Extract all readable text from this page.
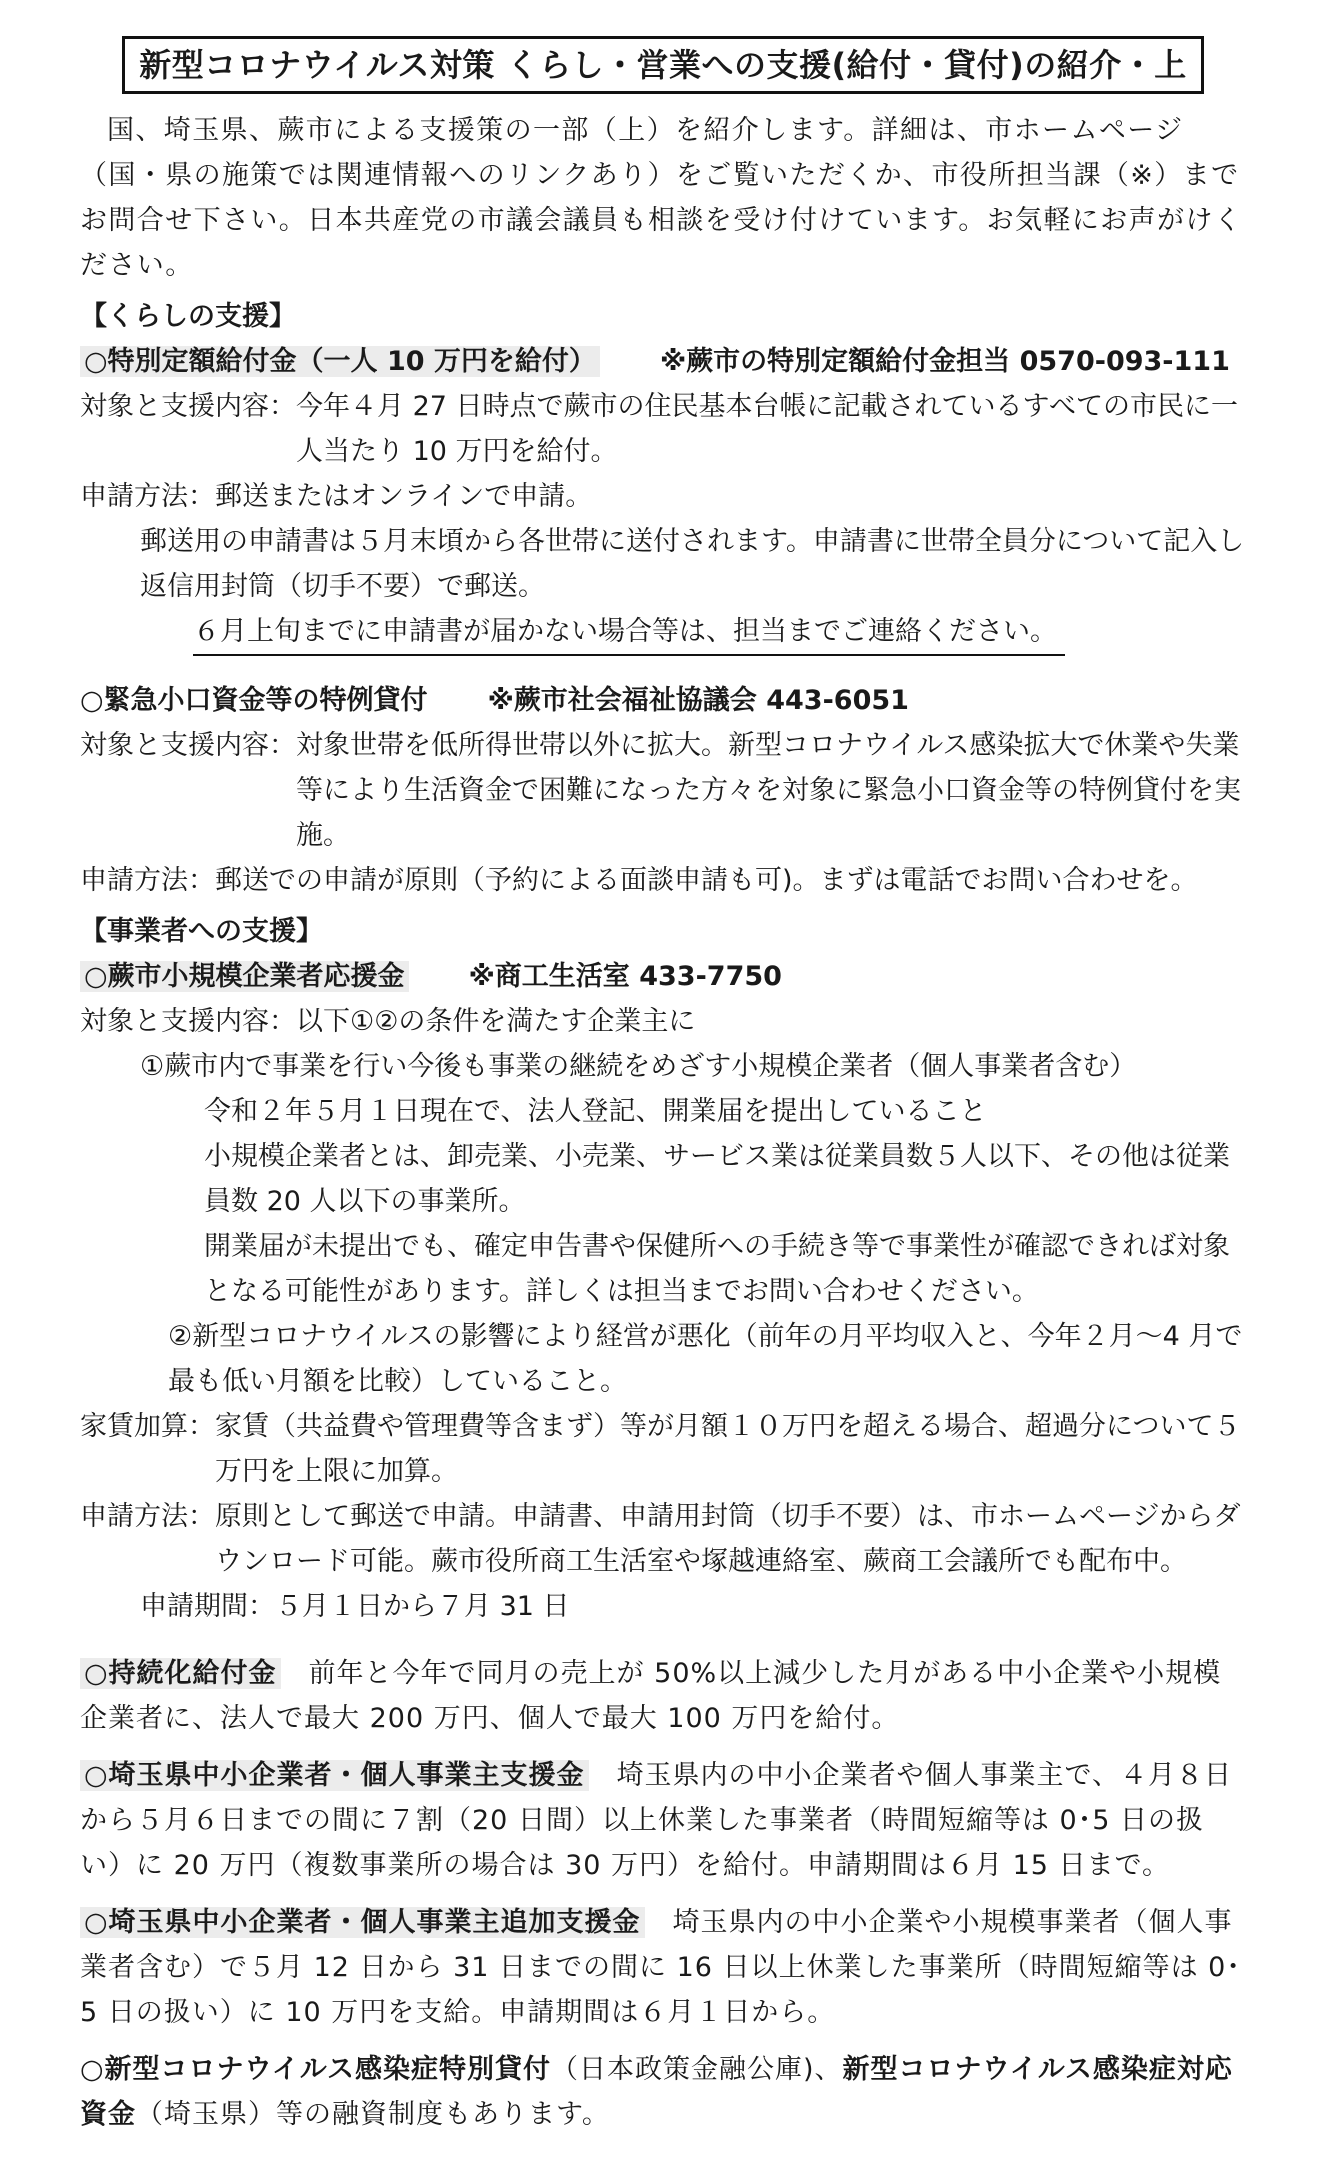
新型コロナウイルス対策 くらし・営業への支援(給付・貸付)の紹介・上

国、埼玉県、蕨市による支援策の一部（上）を紹介します。詳細は、市ホームページ（国・県の施策では関連情報へのリンクあり）をご覧いただくか、市役所担当課（※）までお問合せ下さい。日本共産党の市議会議員も相談を受け付けています。お気軽にお声がけください。

【くらしの支援】

○特別定額給付金（一人 10 万円を給付） ※蕨市の特別定額給付金担当 0570-093-111

対象と支援内容： 今年４月 27 日時点で蕨市の住民基本台帳に記載されているすべての市民に一人当たり 10 万円を給付。
申請方法： 郵送またはオンラインで申請。

郵送用の申請書は５月末頃から各世帯に送付されます。申請書に世帯全員分について記入し返信用封筒（切手不要）で郵送。

６月上旬までに申請書が届かない場合等は、担当までご連絡ください。

○緊急小口資金等の特例貸付 ※蕨市社会福祉協議会 443-6051

対象と支援内容： 対象世帯を低所得世帯以外に拡大。新型コロナウイルス感染拡大で休業や失業等により生活資金で困難になった方々を対象に緊急小口資金等の特例貸付を実施。
申請方法： 郵送での申請が原則（予約による面談申請も可)。まずは電話でお問い合わせを。

【事業者への支援】

○蕨市小規模企業者応援金 ※商工生活室 433-7750

対象と支援内容： 以下①②の条件を満たす企業主に

①蕨市内で事業を行い今後も事業の継続をめざす小規模企業者（個人事業者含む）

令和２年５月１日現在で、法人登記、開業届を提出していること

小規模企業者とは、卸売業、小売業、サービス業は従業員数５人以下、その他は従業員数 20 人以下の事業所。

開業届が未提出でも、確定申告書や保健所への手続き等で事業性が確認できれば対象となる可能性があります。詳しくは担当までお問い合わせください。

②新型コロナウイルスの影響により経営が悪化（前年の月平均収入と、今年２月～4 月で最も低い月額を比較）していること。

家賃加算： 家賃（共益費や管理費等含まず）等が月額１０万円を超える場合、超過分について５万円を上限に加算。
申請方法： 原則として郵送で申請。申請書、申請用封筒（切手不要）は、市ホームページからダウンロード可能。蕨市役所商工生活室や塚越連絡室、蕨商工会議所でも配布中。

申請期間：５月１日から７月 31 日

○持続化給付金　 前年と今年で同月の売上が 50%以上減少した月がある中小企業や小規模企業者に、法人で最大 200 万円、個人で最大 100 万円を給付。

○埼玉県中小企業者・個人事業主支援金　 埼玉県内の中小企業者や個人事業主で、４月８日から５月６日までの間に７割（20 日間）以上休業した事業者（時間短縮等は 0･5 日の扱い）に 20 万円（複数事業所の場合は 30 万円）を給付。申請期間は６月 15 日まで。

○埼玉県中小企業者・個人事業主追加支援金　 埼玉県内の中小企業や小規模事業者（個人事業者含む）で５月 12 日から 31 日までの間に 16 日以上休業した事業所（時間短縮等は 0･5 日の扱い）に 10 万円を支給。申請期間は６月１日から。

○新型コロナウイルス感染症特別貸付（日本政策金融公庫)、新型コロナウイルス感染症対応資金（埼玉県）等の融資制度もあります。
